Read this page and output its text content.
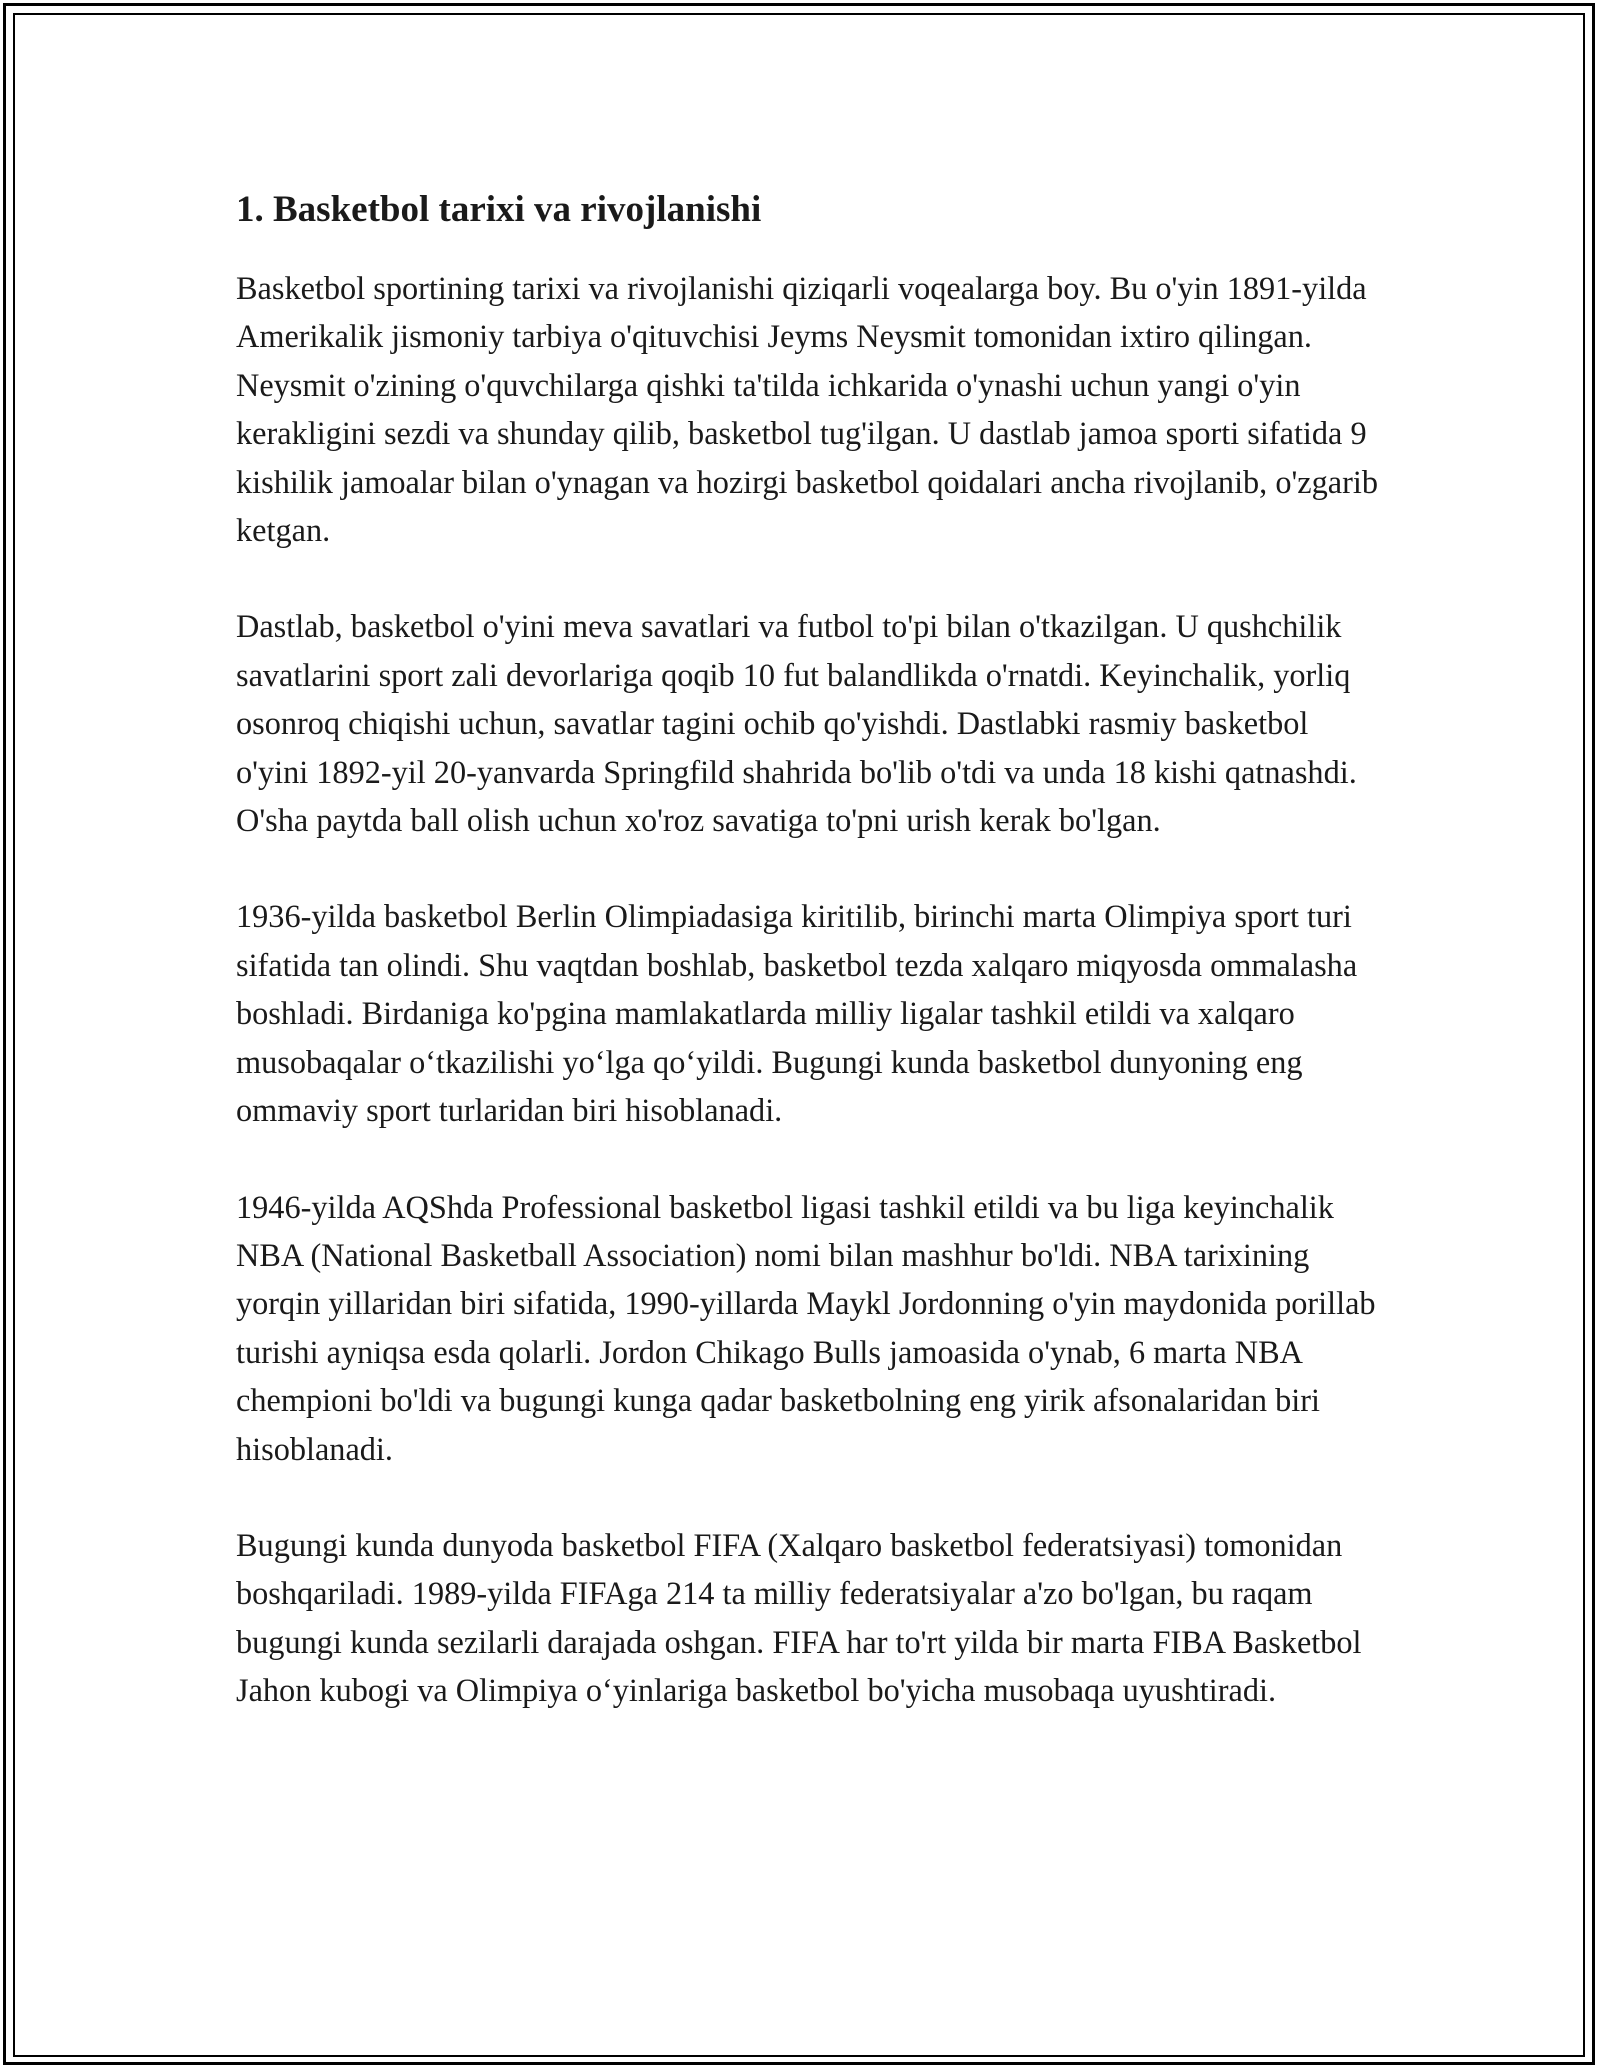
1. Basketbol tarixi va rivojlanishi

Basketbol sportining tarixi va rivojlanishi qiziqarli voqealarga boy. Bu o'yin 1891-yilda Amerikalik jismoniy tarbiya o'qituvchisi Jeyms Neysmit tomonidan ixtiro qilingan. Neysmit o'zining o'quvchilarga qishki ta'tilda ichkarida o'ynashi uchun yangi o'yin kerakligini sezdi va shunday qilib, basketbol tug'ilgan. U dastlab jamoa sporti sifatida 9 kishilik jamoalar bilan o'ynagan va hozirgi basketbol qoidalari ancha rivojlanib, o'zgarib ketgan.

Dastlab, basketbol o'yini meva savatlari va futbol to'pi bilan o'tkazilgan. U qushchilik savatlarini sport zali devorlariga qoqib 10 fut balandlikda o'rnatdi. Keyinchalik, yorliq osonroq chiqishi uchun, savatlar tagini ochib qo'yishdi. Dastlabki rasmiy basketbol o'yini 1892-yil 20-yanvarda Springfild shahrida bo'lib o'tdi va unda 18 kishi qatnashdi. O'sha paytda ball olish uchun xo'roz savatiga to'pni urish kerak bo'lgan.

1936-yilda basketbol Berlin Olimpiadasiga kiritilib, birinchi marta Olimpiya sport turi sifatida tan olindi. Shu vaqtdan boshlab, basketbol tezda xalqaro miqyosda ommalasha boshladi. Birdaniga ko'pgina mamlakatlarda milliy ligalar tashkil etildi va xalqaro musobaqalar o‘tkazilishi yo‘lga qo‘yildi. Bugungi kunda basketbol dunyoning eng ommaviy sport turlaridan biri hisoblanadi.

1946-yilda AQShda Professional basketbol ligasi tashkil etildi va bu liga keyinchalik NBA (National Basketball Association) nomi bilan mashhur bo'ldi. NBA tarixining yorqin yillaridan biri sifatida, 1990-yillarda Maykl Jordonning o'yin maydonida porillab turishi ayniqsa esda qolarli. Jordon Chikago Bulls jamoasida o'ynab, 6 marta NBA chempioni bo'ldi va bugungi kunga qadar basketbolning eng yirik afsonalaridan biri hisoblanadi.

Bugungi kunda dunyoda basketbol FIFA (Xalqaro basketbol federatsiyasi) tomonidan boshqariladi. 1989-yilda FIFAga 214 ta milliy federatsiyalar a'zo bo'lgan, bu raqam bugungi kunda sezilarli darajada oshgan. FIFA har to'rt yilda bir marta FIBA Basketbol Jahon kubogi va Olimpiya o‘yinlariga basketbol bo'yicha musobaqa uyushtiradi.
